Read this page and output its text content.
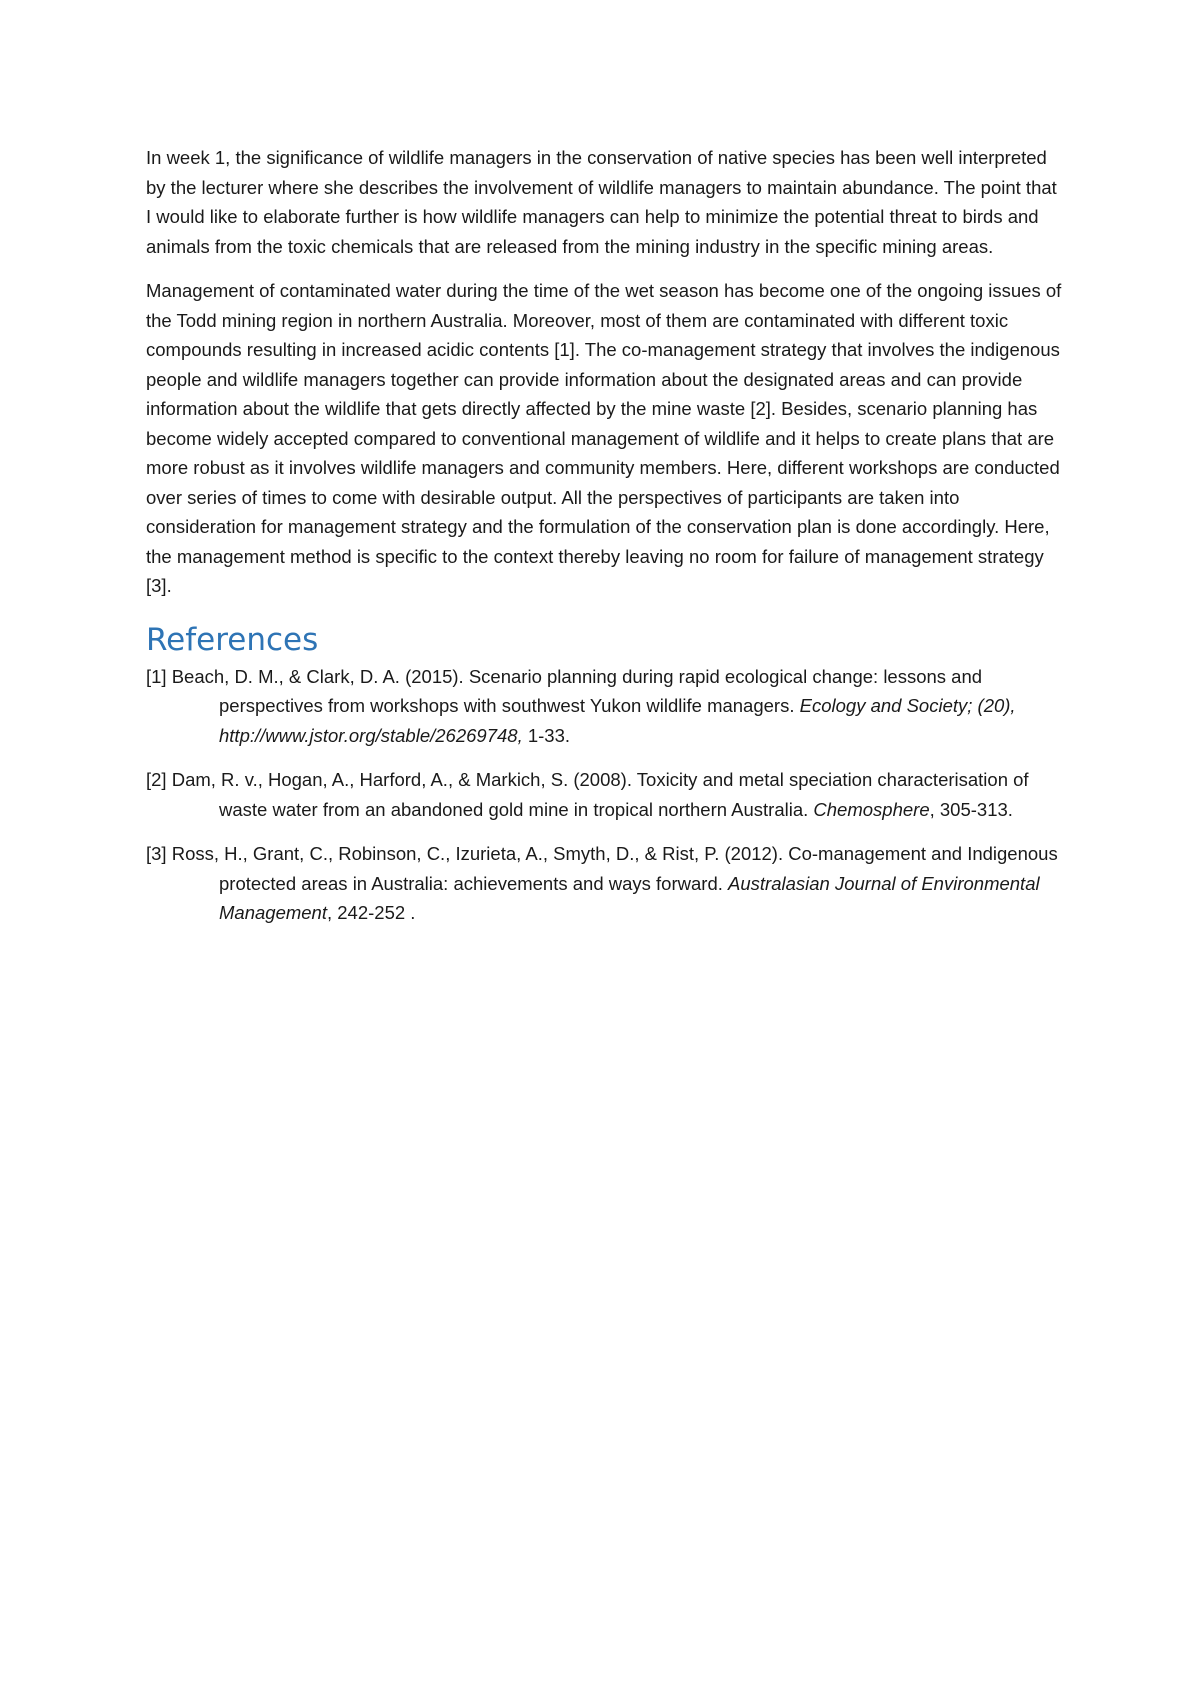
In week 1, the significance of wildlife managers in the conservation of native species has been well interpreted by the lecturer where she describes the involvement of wildlife managers to maintain abundance. The point that I would like to elaborate further is how wildlife managers can help to minimize the potential threat to birds and animals from the toxic chemicals that are released from the mining industry in the specific mining areas.

Management of contaminated water during the time of the wet season has become one of the ongoing issues of the Todd mining region in northern Australia. Moreover, most of them are contaminated with different toxic compounds resulting in increased acidic contents [1]. The co-management strategy that involves the indigenous people and wildlife managers together can provide information about the designated areas and can provide information about the wildlife that gets directly affected by the mine waste [2]. Besides, scenario planning has become widely accepted compared to conventional management of wildlife and it helps to create plans that are more robust as it involves wildlife managers and community members. Here, different workshops are conducted over series of times to come with desirable output. All the perspectives of participants are taken into consideration for management strategy and the formulation of the conservation plan is done accordingly. Here, the management method is specific to the context thereby leaving no room for failure of management strategy [3].

References
[1] Beach, D. M., & Clark, D. A. (2015). Scenario planning during rapid ecological change: lessons and perspectives from workshops with southwest Yukon wildlife managers. Ecology and Society; (20), http://www.jstor.org/stable/26269748, 1-33.
[2] Dam, R. v., Hogan, A., Harford, A., & Markich, S. (2008). Toxicity and metal speciation characterisation of waste water from an abandoned gold mine in tropical northern Australia. Chemosphere, 305-313.
[3] Ross, H., Grant, C., Robinson, C., Izurieta, A., Smyth, D., & Rist, P. (2012). Co-management and Indigenous protected areas in Australia: achievements and ways forward. Australasian Journal of Environmental Management, 242-252 .
